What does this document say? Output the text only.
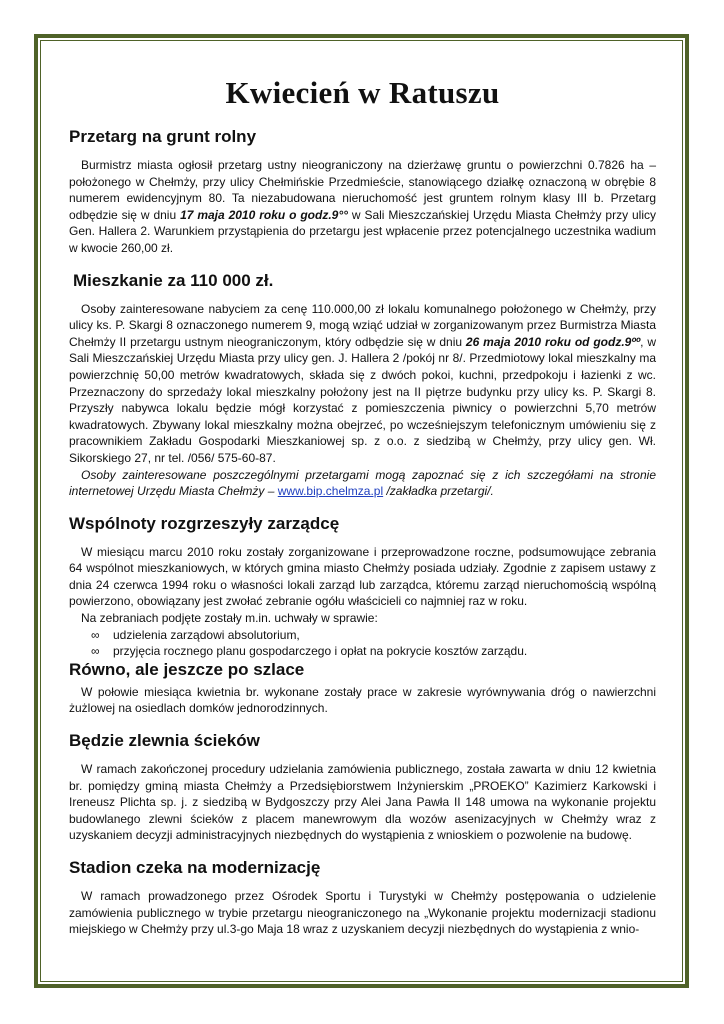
Kwiecień w Ratuszu
Przetarg na grunt rolny

Burmistrz miasta ogłosił przetarg ustny nieograniczony na dzierżawę gruntu o powierzchni 0.7826 ha – położonego w Chełmży, przy ulicy Chełmińskie Przedmieście, stanowiącego działkę oznaczoną w obrębie 8 numerem ewidencyjnym 80. Ta niezabudowana nieruchomość jest gruntem rolnym klasy III b. Przetarg odbędzie się w dniu 17 maja 2010 roku o godz.9°° w Sali Mieszczańskiej Urzędu Miasta Chełmży przy ulicy Gen. Hallera 2. Warunkiem przystąpienia do przetargu jest wpłacenie przez potencjalnego uczestnika wadium w kwocie 260,00 zł.

Mieszkanie za 110 000 zł.

Osoby zainteresowane nabyciem za cenę 110.000,00 zł lokalu komunalnego położonego w Chełmży, przy ulicy ks. P. Skargi 8 oznaczonego numerem 9, mogą wziąć udział w zorganizowanym przez Burmistrza Miasta Chełmży II przetargu ustnym nieograniczonym, który odbędzie się w dniu 26 maja 2010 roku od godz.9ºº, w Sali Mieszczańskiej Urzędu Miasta przy ulicy gen. J. Hallera 2 /pokój nr 8/. Przedmiotowy lokal mieszkalny ma powierzchnię 50,00 metrów kwadratowych, składa się z dwóch pokoi, kuchni, przedpokoju i łazienki z wc. Przeznaczony do sprzedaży lokal mieszkalny położony jest na II piętrze budynku przy ulicy ks. P. Skargi 8. Przyszły nabywca lokalu będzie mógł korzystać z pomieszczenia piwnicy o powierzchni 5,70 metrów kwadratowych. Zbywany lokal mieszkalny można obejrzeć, po wcześniejszym telefonicznym umówieniu się z pracownikiem Zakładu Gospodarki Mieszkaniowej sp. z o.o. z siedzibą w Chełmży, przy ulicy gen. Wł. Sikorskiego 27, nr tel. /056/ 575-60-87.

Osoby zainteresowane poszczególnymi przetargami mogą zapoznać się z ich szczegółami na stronie internetowej Urzędu Miasta Chełmży – www.bip.chelmza.pl /zakładka przetargi/.

Wspólnoty rozgrzeszyły zarządcę

W miesiącu marcu 2010 roku zostały zorganizowane i przeprowadzone roczne, podsumowujące zebrania 64 wspólnot mieszkaniowych, w których gmina miasto Chełmży posiada udziały. Zgodnie z zapisem ustawy z dnia 24 czerwca 1994 roku o własności lokali zarząd lub zarządca, któremu zarząd nieruchomością wspólną powierzono, obowiązany jest zwołać zebranie ogółu właścicieli co najmniej raz w roku.

Na zebraniach podjęte zostały m.in. uchwały w sprawie:

∞ udzielenia zarządowi absolutorium,
∞ przyjęcia rocznego planu gospodarczego i opłat na pokrycie kosztów zarządu.
Równo, ale jeszcze po szlace

W połowie miesiąca kwietnia br. wykonane zostały prace w zakresie wyrównywania dróg o nawierzchni żużlowej na osiedlach domków jednorodzinnych.

Będzie zlewnia ścieków

W ramach zakończonej procedury udzielania zamówienia publicznego, została zawarta w dniu 12 kwietnia br. pomiędzy gminą miasta Chełmży a Przedsiębiorstwem Inżynierskim „PROEKO” Kazimierz Karkowski i Ireneusz Plichta sp. j. z siedzibą w Bydgoszczy przy Alei Jana Pawła II 148 umowa na wykonanie projektu budowlanego zlewni ścieków z placem manewrowym dla wozów asenizacyjnych w Chełmży wraz z uzyskaniem decyzji administracyjnych niezbędnych do wystąpienia z wnioskiem o pozwolenie na budowę.

Stadion czeka na modernizację

W ramach prowadzonego przez Ośrodek Sportu i Turystyki w Chełmży postępowania o udzielenie zamówienia publicznego w trybie przetargu nieograniczonego na „Wykonanie projektu modernizacji stadionu miejskiego w Chełmży przy ul.3-go Maja 18 wraz z uzyskaniem decyzji niezbędnych do wystąpienia z wnio-
